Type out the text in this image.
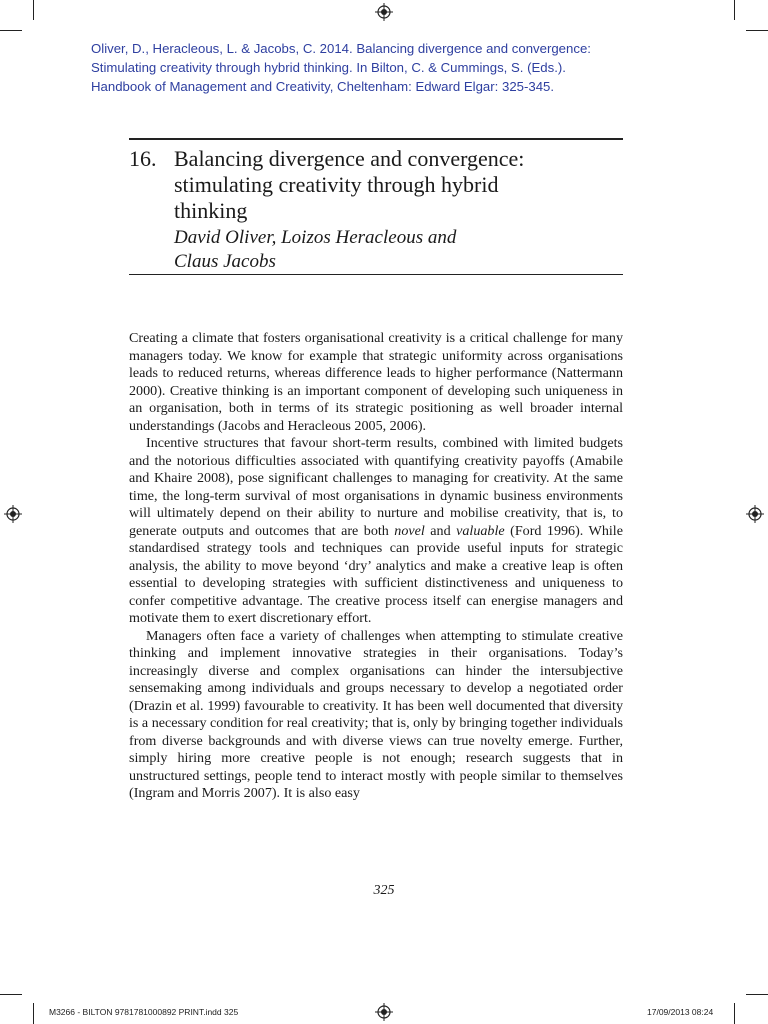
Oliver, D., Heracleous, L. & Jacobs, C. 2014. Balancing divergence and convergence:
Stimulating creativity through hybrid thinking. In Bilton, C. & Cummings, S. (Eds.).
Handbook of Management and Creativity, Cheltenham: Edward Elgar: 325-345.
16. Balancing divergence and convergence:
stimulating creativity through hybrid
thinking
David Oliver, Loizos Heracleous and
Claus Jacobs

Creating a climate that fosters organisational creativity is a critical challenge for many managers today. We know for example that strategic uniformity across organisations leads to reduced returns, whereas difference leads to higher performance (Nattermann 2000). Creative thinking is an important component of developing such uniqueness in an organisation, both in terms of its strategic positioning as well broader internal understandings (Jacobs and Heracleous 2005, 2006).

Incentive structures that favour short-term results, combined with limited budgets and the notorious difficulties associated with quantifying creativity payoffs (Amabile and Khaire 2008), pose significant challenges to managing for creativity. At the same time, the long-term survival of most organisations in dynamic business environments will ultimately depend on their ability to nurture and mobilise creativity, that is, to generate outputs and outcomes that are both novel and valuable (Ford 1996). While standardised strategy tools and techniques can provide useful inputs for strategic analysis, the ability to move beyond ‘dry’ analytics and make a creative leap is often essential to developing strategies with sufficient distinctiveness and uniqueness to confer competitive advantage. The creative process itself can energise managers and motivate them to exert discretionary effort.

Managers often face a variety of challenges when attempting to stimulate creative thinking and implement innovative strategies in their organisations. Today’s increasingly diverse and complex organisations can hinder the intersubjective sensemaking among individuals and groups necessary to develop a negotiated order (Drazin et al. 1999) favourable to creativity. It has been well documented that diversity is a necessary condition for real creativity; that is, only by bringing together individuals from diverse backgrounds and with diverse views can true novelty emerge. Further, simply hiring more creative people is not enough; research suggests that in unstructured settings, people tend to interact mostly with people similar to themselves (Ingram and Morris 2007). It is also easy

325
M3266 - BILTON 9781781000892 PRINT.indd 325	17/09/2013 08:24
